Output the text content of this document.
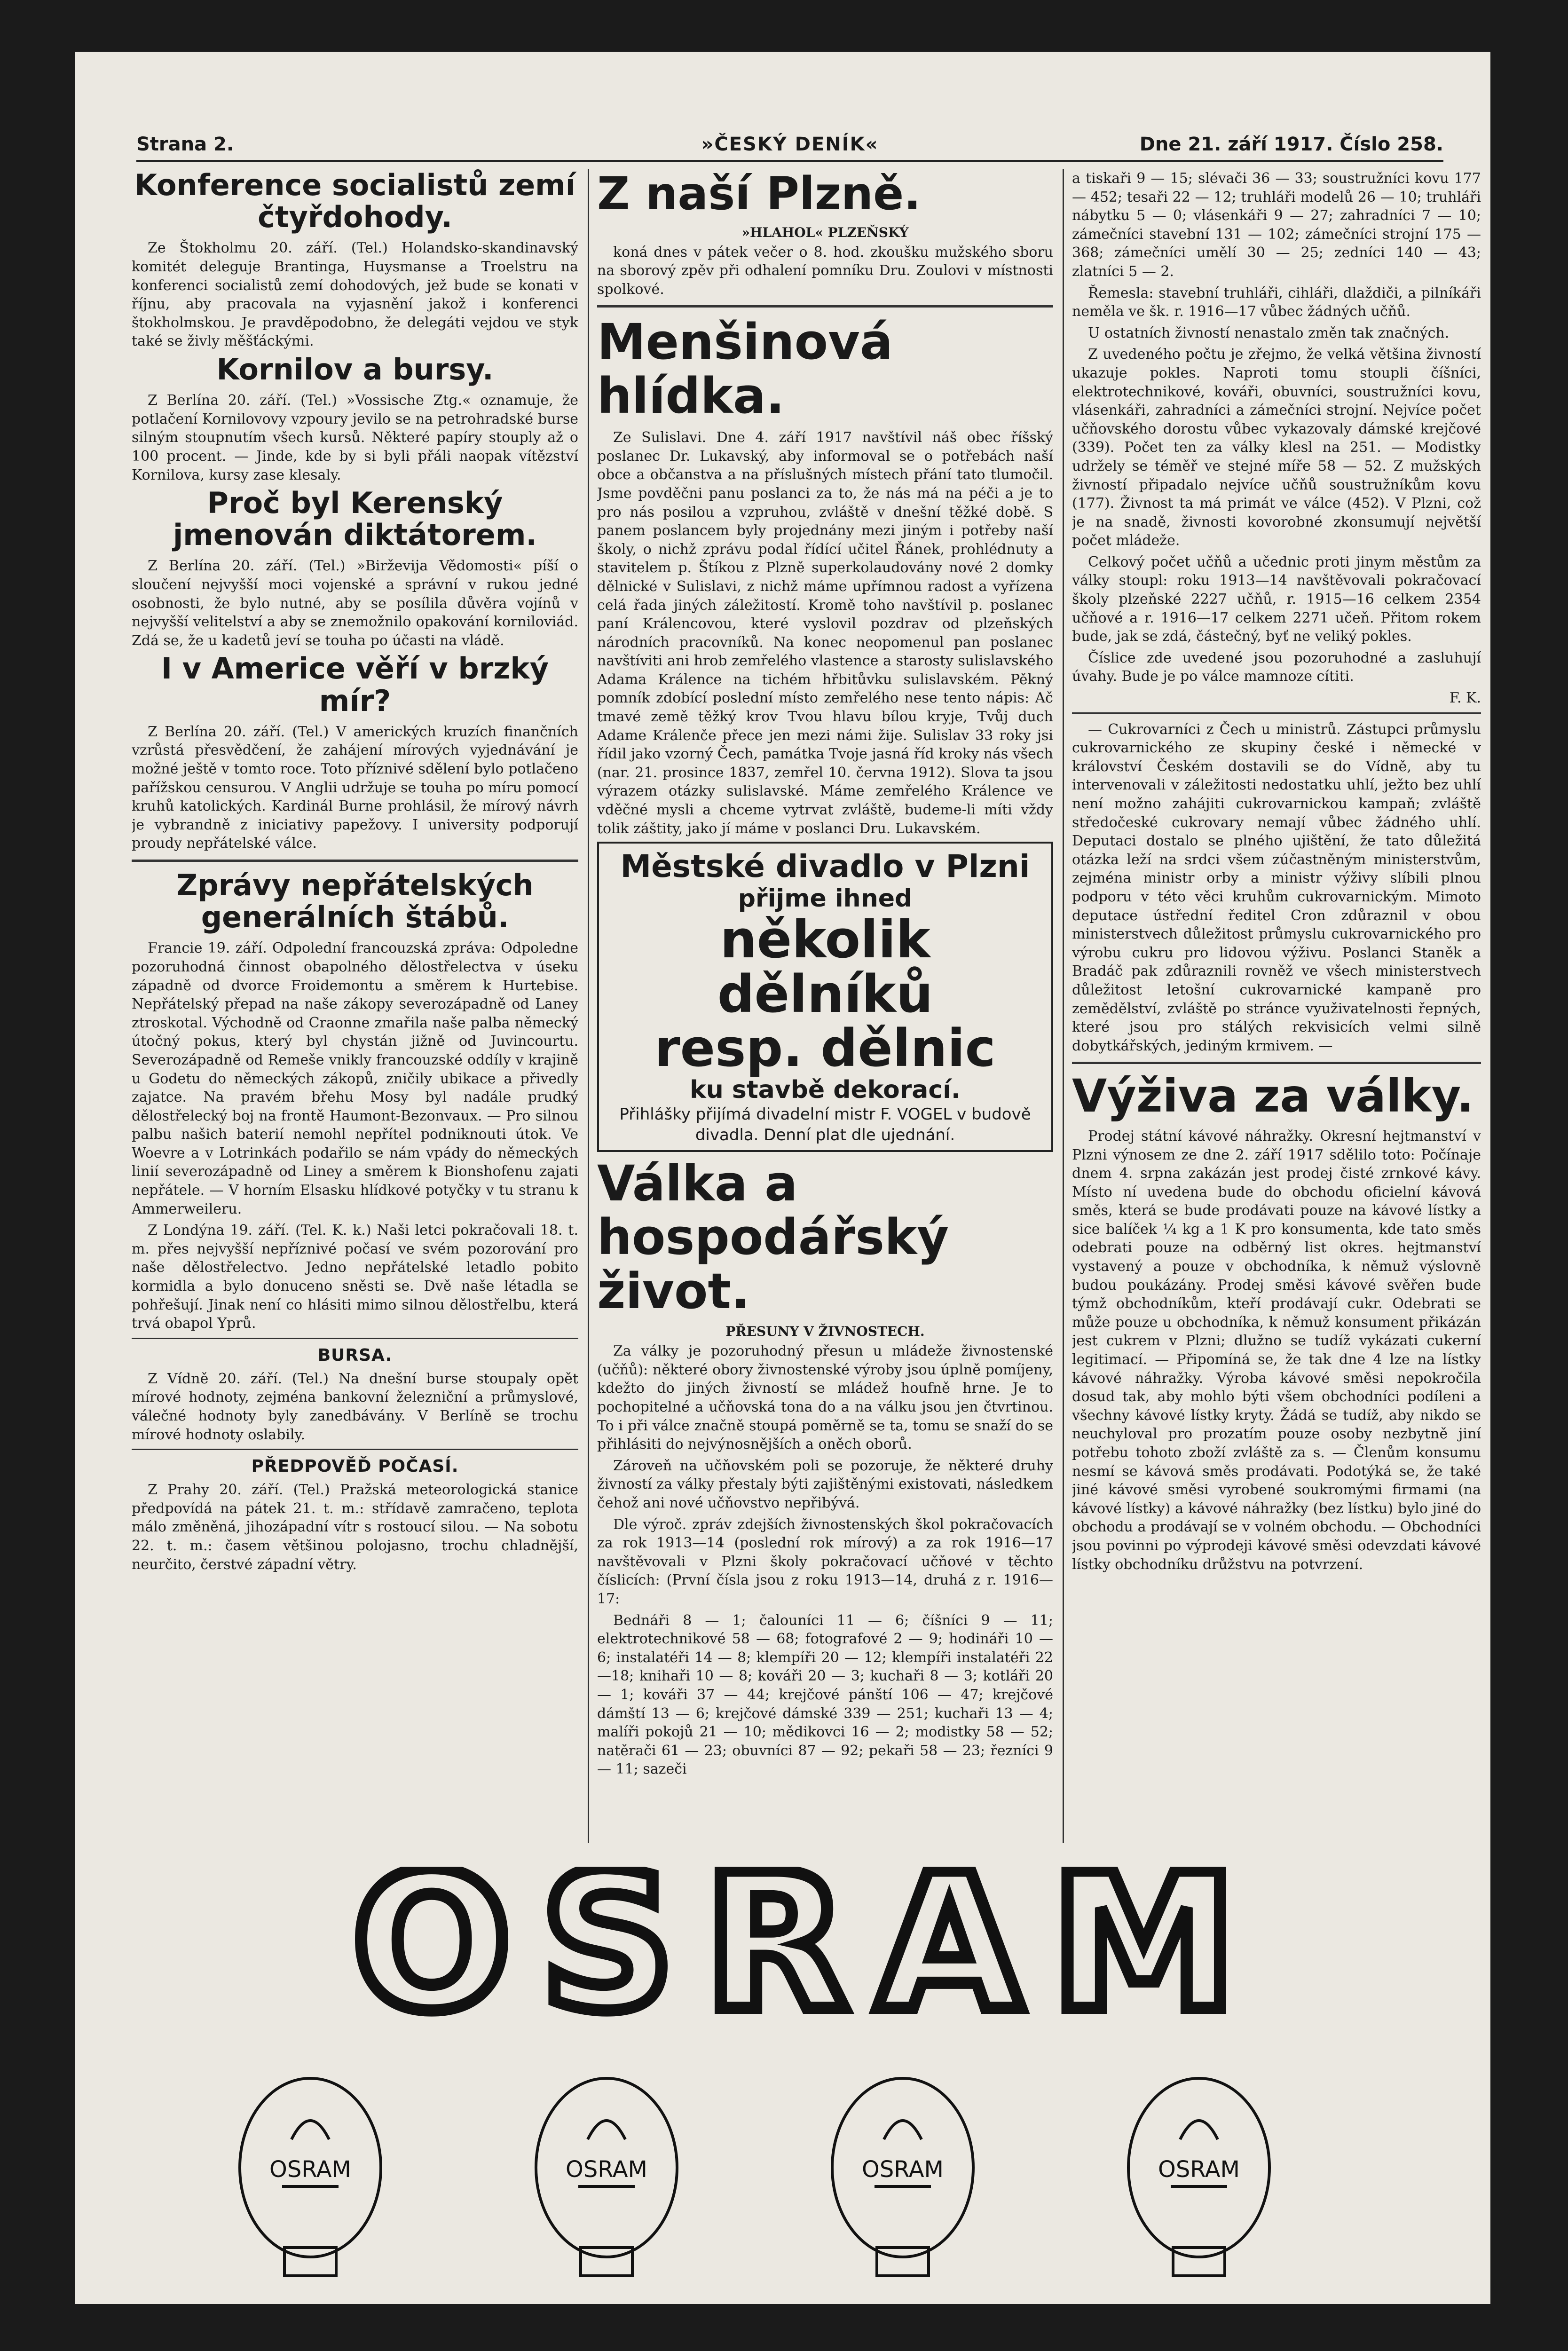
Strana 2.	»ČESKÝ DENÍK«	Dne 21. září 1917. Číslo 258.
Konference socialistů zemí čtyřdohody.

Ze Štokholmu 20. září. (Tel.) Holandsko-skandinavský komitét deleguje Brantinga, Huysmanse a Troelstru na konferenci socialistů zemí dohodových, jež bude se konati v říjnu, aby pracovala na vyjasnění jakož i konferenci štokholmskou. Je pravděpodobno, že delegáti vejdou ve styk také se živly měšťáckými.

Kornilov a bursy.

Z Berlína 20. září. (Tel.) »Vossische Ztg.« oznamuje, že potlačení Kornilovovy vzpoury jevilo se na petrohradské burse silným stoupnutím všech kursů. Některé papíry stouply až o 100 procent. — Jinde, kde by si byli přáli naopak vítězství Kornilova, kursy zase klesaly.

Proč byl Kerenský jmenován diktátorem.

Z Berlína 20. září. (Tel.) »Birževija Vědomosti« píší o sloučení nejvyšší moci vojenské a správní v rukou jedné osobnosti, že bylo nutné, aby se posílila důvěra vojínů v nejvyšší velitelství a aby se znemožnilo opakování korniloviád. Zdá se, že u kadetů jeví se touha po účasti na vládě.

I v Americe věří v brzký mír?

Z Berlína 20. září. (Tel.) V amerických kruzích finančních vzrůstá přesvědčení, že zahájení mírových vyjednávání je možné ještě v tomto roce. Toto příznivé sdělení bylo potlačeno pařížskou censurou. V Anglii udržuje se touha po míru pomocí kruhů katolických. Kardinál Burne prohlásil, že mírový návrh je vybrandně z iniciativy papežovy. I university podporují proudy nepřátelské válce.

Zprávy nepřátelských generálních štábů.

Francie 19. září. Odpolední francouzská zpráva: Odpoledne pozoruhodná činnost obapolného dělostřelectva v úseku západně od dvorce Froidemontu a směrem k Hurtebise. Nepřátelský přepad na naše zákopy severozápadně od Laney ztroskotal. Východně od Craonne zmařila naše palba německý útočný pokus, který byl chystán jižně od Juvincourtu. Severozápadně od Remeše vnikly francouzské oddíly v krajině u Godetu do německých zákopů, zničily ubikace a přivedly zajatce. Na pravém břehu Mosy byl nadále prudký dělostřelecký boj na frontě Haumont-Bezonvaux. — Pro silnou palbu našich baterií nemohl nepřítel podniknouti útok. Ve Woevre a v Lotrinkách podařilo se nám vpády do německých linií severozápadně od Liney a směrem k Bionshofenu zajati nepřátele. — V horním Elsasku hlídkové potyčky v tu stranu k Ammerweileru.

Z Londýna 19. září. (Tel. K. k.) Naši letci pokračovali 18. t. m. přes nejvyšší nepříznivé počasí ve svém pozorování pro naše dělostřelectvo. Jedno nepřátelské letadlo pobito kormidla a bylo donuceno sněsti se. Dvě naše létadla se pohřešují. Jinak není co hlásiti mimo silnou dělostřelbu, která trvá obapol Yprů.

BURSA.

Z Vídně 20. září. (Tel.) Na dnešní burse stoupaly opět mírové hodnoty, zejména bankovní železniční a průmyslové, válečné hodnoty byly zanedbávány. V Berlíně se trochu mírové hodnoty oslabily.

PŘEDPOVĚĎ POČASÍ.

Z Prahy 20. září. (Tel.) Pražská meteorologická stanice předpovídá na pátek 21. t. m.: střídavě zamračeno, teplota málo změněná, jihozápadní vítr s rostoucí silou. — Na sobotu 22. t. m.: časem většinou polojasno, trochu chladnější, neurčito, čerstvé západní větry.

Z naší Plzně.
»HLAHOL« PLZEŇSKÝ

koná dnes v pátek večer o 8. hod. zkoušku mužského sboru na sborový zpěv při odhalení pomníku Dru. Zoulovi v místnosti spolkové.

Menšinová hlídka.

Ze Sulislavi. Dne 4. září 1917 navštívil náš obec říšský poslanec Dr. Lukavský, aby informoval se o potřebách naší obce a občanstva a na příslušných místech přání tato tlumočil. Jsme povděčni panu poslanci za to, že nás má na péči a je to pro nás posilou a vzpruhou, zvláště v dnešní těžké době. S panem poslancem byly projednány mezi jiným i potřeby naší školy, o nichž zprávu podal řídící učitel Řánek, prohlédnuty a stavitelem p. Štíkou z Plzně superkolaudovány nové 2 domky dělnické v Sulislavi, z nichž máme upřímnou radost a vyřízena celá řada jiných záležitostí. Kromě toho navštívil p. poslanec paní Králencovou, které vyslovil pozdrav od plzeňských národních pracovníků. Na konec neopomenul pan poslanec navštíviti ani hrob zemřelého vlastence a starosty sulislavského Adama Králence na tichém hřbitůvku sulislavském. Pěkný pomník zdobící poslední místo zemřelého nese tento nápis: Ač tmavé země těžký krov Tvou hlavu bílou kryje, Tvůj duch Adame Králenče přece jen mezi námi žije. Sulislav 33 roky jsi řídil jako vzorný Čech, památka Tvoje jasná říd kroky nás všech (nar. 21. prosince 1837, zemřel 10. června 1912). Slova ta jsou výrazem otázky sulislavské. Máme zemřelého Králence ve vděčné mysli a chceme vytrvat zvláště, budeme-li míti vždy tolik záštity, jako jí máme v poslanci Dru. Lukavském.

Městské divadlo v Plzni
přijme ihned
několik dělníků
resp. dělnic
ku stavbě dekorací.
Přihlášky přijímá divadelní mistr F. VOGEL v budově divadla. Denní plat dle ujednání.
Válka a hospodářský život.
PŘESUNY V ŽIVNOSTECH.

Za války je pozoruhodný přesun u mládeže živnostenské (učňů): některé obory živnostenské výroby jsou úplně pomíjeny, kdežto do jiných živností se mládež houfně hrne. Je to pochopitelné a učňovská tona do a na válku jsou jen čtvrtinou. To i při válce značně stoupá poměrně se ta, tomu se snaží do se přihlásiti do nejvýnosnějších a oněch oborů.

Zároveň na učňovském poli se pozoruje, že některé druhy živností za války přestaly býti zajištěnými existovati, následkem čehož ani nové učňovstvo nepřibývá.

Dle výroč. zpráv zdejších živnostenských škol pokračovacích za rok 1913—14 (poslední rok mírový) a za rok 1916—17 navštěvovali v Plzni školy pokračovací učňové v těchto číslicích: (První čísla jsou z roku 1913—14, druhá z r. 1916—17:

Bednáři 8 — 1; čalouníci 11 — 6; číšníci 9 — 11; elektrotechnikové 58 — 68; fotografové 2 — 9; hodináři 10 — 6; instalatéři 14 — 8; klempíři 20 — 12; klempíři instalatéři 22—18; knihaři 10 — 8; kováři 20 — 3; kuchaři 8 — 3; kotláři 20 — 1; kováři 37 — 44; krejčové pánští 106 — 47; krejčové dámští 13 — 6; krejčové dámské 339 — 251; kuchaři 13 — 4; malíři pokojů 21 — 10; mědikovci 16 — 2; modistky 58 — 52; natěrači 61 — 23; obuvníci 87 — 92; pekaři 58 — 23; řezníci 9 — 11; sazeči

a tiskaři 9 — 15; slévači 36 — 33; soustružníci kovu 177 — 452; tesaři 22 — 12; truhláři modelů 26 — 10; truhláři nábytku 5 — 0; vlásenkáři 9 — 27; zahradníci 7 — 10; zámečníci stavební 131 — 102; zámečníci strojní 175 — 368; zámečníci umělí 30 — 25; zedníci 140 — 43; zlatníci 5 — 2.

Řemesla: stavební truhláři, cihláři, dlaždiči, a pilníkáři neměla ve šk. r. 1916—17 vůbec žádných učňů.

U ostatních živností nenastalo změn tak značných.

Z uvedeného počtu je zřejmo, že velká většina živností ukazuje pokles. Naproti tomu stoupli číšníci, elektrotechnikové, kováři, obuvníci, soustružníci kovu, vlásenkáři, zahradníci a zámečníci strojní. Nejvíce počet učňovského dorostu vůbec vykazovaly dámské krejčové (339). Počet ten za války klesl na 251. — Modistky udržely se téměř ve stejné míře 58 — 52. Z mužských živností připadalo nejvíce učňů soustružníkům kovu (177). Živnost ta má primát ve válce (452). V Plzni, což je na snadě, živnosti kovorobné zkonsumují největší počet mládeže.

Celkový počet učňů a učednic proti jinym městům za války stoupl: roku 1913—14 navštěvovali pokračovací školy plzeňské 2227 učňů, r. 1915—16 celkem 2354 učňové a r. 1916—17 celkem 2271 učeň. Přitom rokem bude, jak se zdá, částečný, byť ne veliký pokles.

Číslice zde uvedené jsou pozoruhodné a zasluhují úvahy. Bude je po válce mamnoze cítiti.

F. K.

— Cukrovarníci z Čech u ministrů. Zástupci průmyslu cukrovarnického ze skupiny české i německé v království Českém dostavili se do Vídně, aby tu intervenovali v záležitosti nedostatku uhlí, ježto bez uhlí není možno zahájiti cukrovarnickou kampaň; zvláště středočeské cukrovary nemají vůbec žádného uhlí. Deputaci dostalo se plného ujištění, že tato důležitá otázka leží na srdci všem zúčastněným ministerstvům, zejména ministr orby a ministr výživy slíbili plnou podporu v této věci kruhům cukrovarnickým. Mimoto deputace ústřední ředitel Cron zdůraznil v obou ministerstvech důležitost průmyslu cukrovarnického pro výrobu cukru pro lidovou výživu. Poslanci Staněk a Bradáč pak zdůraznili rovněž ve všech ministerstvech důležitost letošní cukrovarnické kampaně pro zemědělství, zvláště po stránce využivatelnosti řepných, které jsou pro stálých rekvisicích velmi silně dobytkářských, jediným krmivem. —

Výživa za války.

Prodej státní kávové náhražky. Okresní hejtmanství v Plzni výnosem ze dne 2. září 1917 sdělilo toto: Počínaje dnem 4. srpna zakázán jest prodej čisté zrnkové kávy. Místo ní uvedena bude do obchodu oficielní kávová směs, která se bude prodávati pouze na kávové lístky a sice balíček ¼ kg a 1 K pro konsumenta, kde tato směs odebrati pouze na odběrný list okres. hejtmanství vystavený a pouze v obchodníka, k němuž výslovně budou poukázány. Prodej směsi kávové svěřen bude týmž obchodníkům, kteří prodávají cukr. Odebrati se může pouze u obchodníka, k němuž konsument přikázán jest cukrem v Plzni; dlužno se tudíž vykázati cukerní legitimací. — Připomíná se, že tak dne 4 lze na lístky kávové náhražky. Výroba kávové směsi nepokročila dosud tak, aby mohlo býti všem obchodníci podíleni a všechny kávové lístky kryty. Žádá se tudíž, aby nikdo se neuchyloval pro prozatím pouze osoby nezbytně jiní potřebu tohoto zboží zvláště za s. — Členům konsumu nesmí se kávová směs prodávati. Podotýká se, že také jiné kávové směsi vyrobené soukromými firmami (na kávové lístky) a kávové náhražky (bez lístku) bylo jiné do obchodu a prodávají se v volném obchodu. — Obchodníci jsou povinni po výprodeji kávové směsi odevzdati kávové lístky obchodníku drůžstvu na potvrzení.

OSRAM
OSRAM	OSRAM	OSRAM	OSRAM
